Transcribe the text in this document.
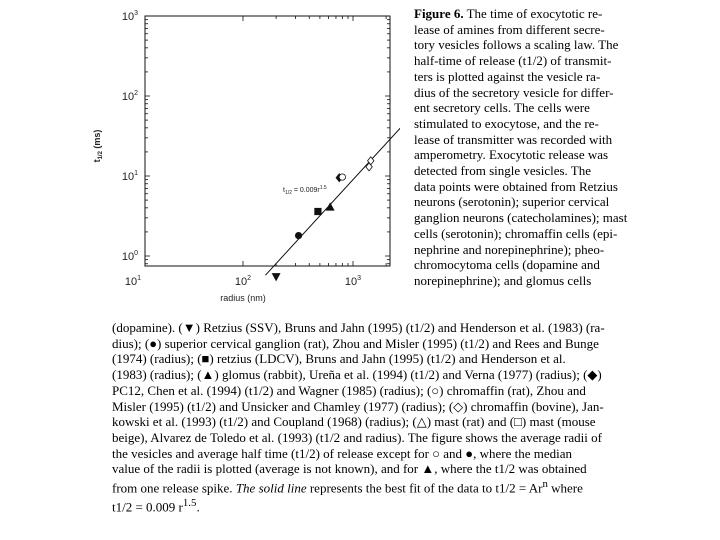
$10^3$
$10^2$
$10^1$
$10^0$
$10^1$	$10^2$	$10^3$
radius (nm)
$t_{1/2}$ (ms)
$t_{1/2} = 0.009r^{1.5}$
Figure 6. The time of exocytotic re-
lease of amines from different secre-
tory vesicles follows a scaling law. The
half-time of release (t1/2) of transmit-
ters is plotted against the vesicle ra-
dius of the secretory vesicle for differ-
ent secretory cells. The cells were
stimulated to exocytose, and the re-
lease of transmitter was recorded with
amperometry. Exocytotic release was
detected from single vesicles. The
data points were obtained from Retzius
neurons (serotonin); superior cervical
ganglion neurons (catecholamines); mast
cells (serotonin); chromaffin cells (epi-
nephrine and norepinephrine); pheo-
chromocytoma cells (dopamine and
norepinephrine); and glomus cells
(dopamine). (▼) Retzius (SSV), Bruns and Jahn (1995) (t1/2) and Henderson et al. (1983) (ra-
dius); (●) superior cervical ganglion (rat), Zhou and Misler (1995) (t1/2) and Rees and Bunge
(1974) (radius); (■) retzius (LDCV), Bruns and Jahn (1995) (t1/2) and Henderson et al.
(1983) (radius); (▲) glomus (rabbit), Ureña et al. (1994) (t1/2) and Verna (1977) (radius); (◆)
PC12, Chen et al. (1994) (t1/2) and Wagner (1985) (radius); (○) chromaffin (rat), Zhou and
Misler (1995) (t1/2) and Unsicker and Chamley (1977) (radius); (◇) chromaffin (bovine), Jan-
kowski et al. (1993) (t1/2) and Coupland (1968) (radius); (△) mast (rat) and (□) mast (mouse
beige), Alvarez de Toledo et al. (1993) (t1/2 and radius). The figure shows the average radii of
the vesicles and average half time (t1/2) of release except for ○ and ●, where the median
value of the radii is plotted (average is not known), and for ▲, where the t1/2 was obtained
from one release spike. The solid line represents the best fit of the data to $t1/2 = Ar^n$ where
t1/2 = 0.009 $r^{1.5}$.
